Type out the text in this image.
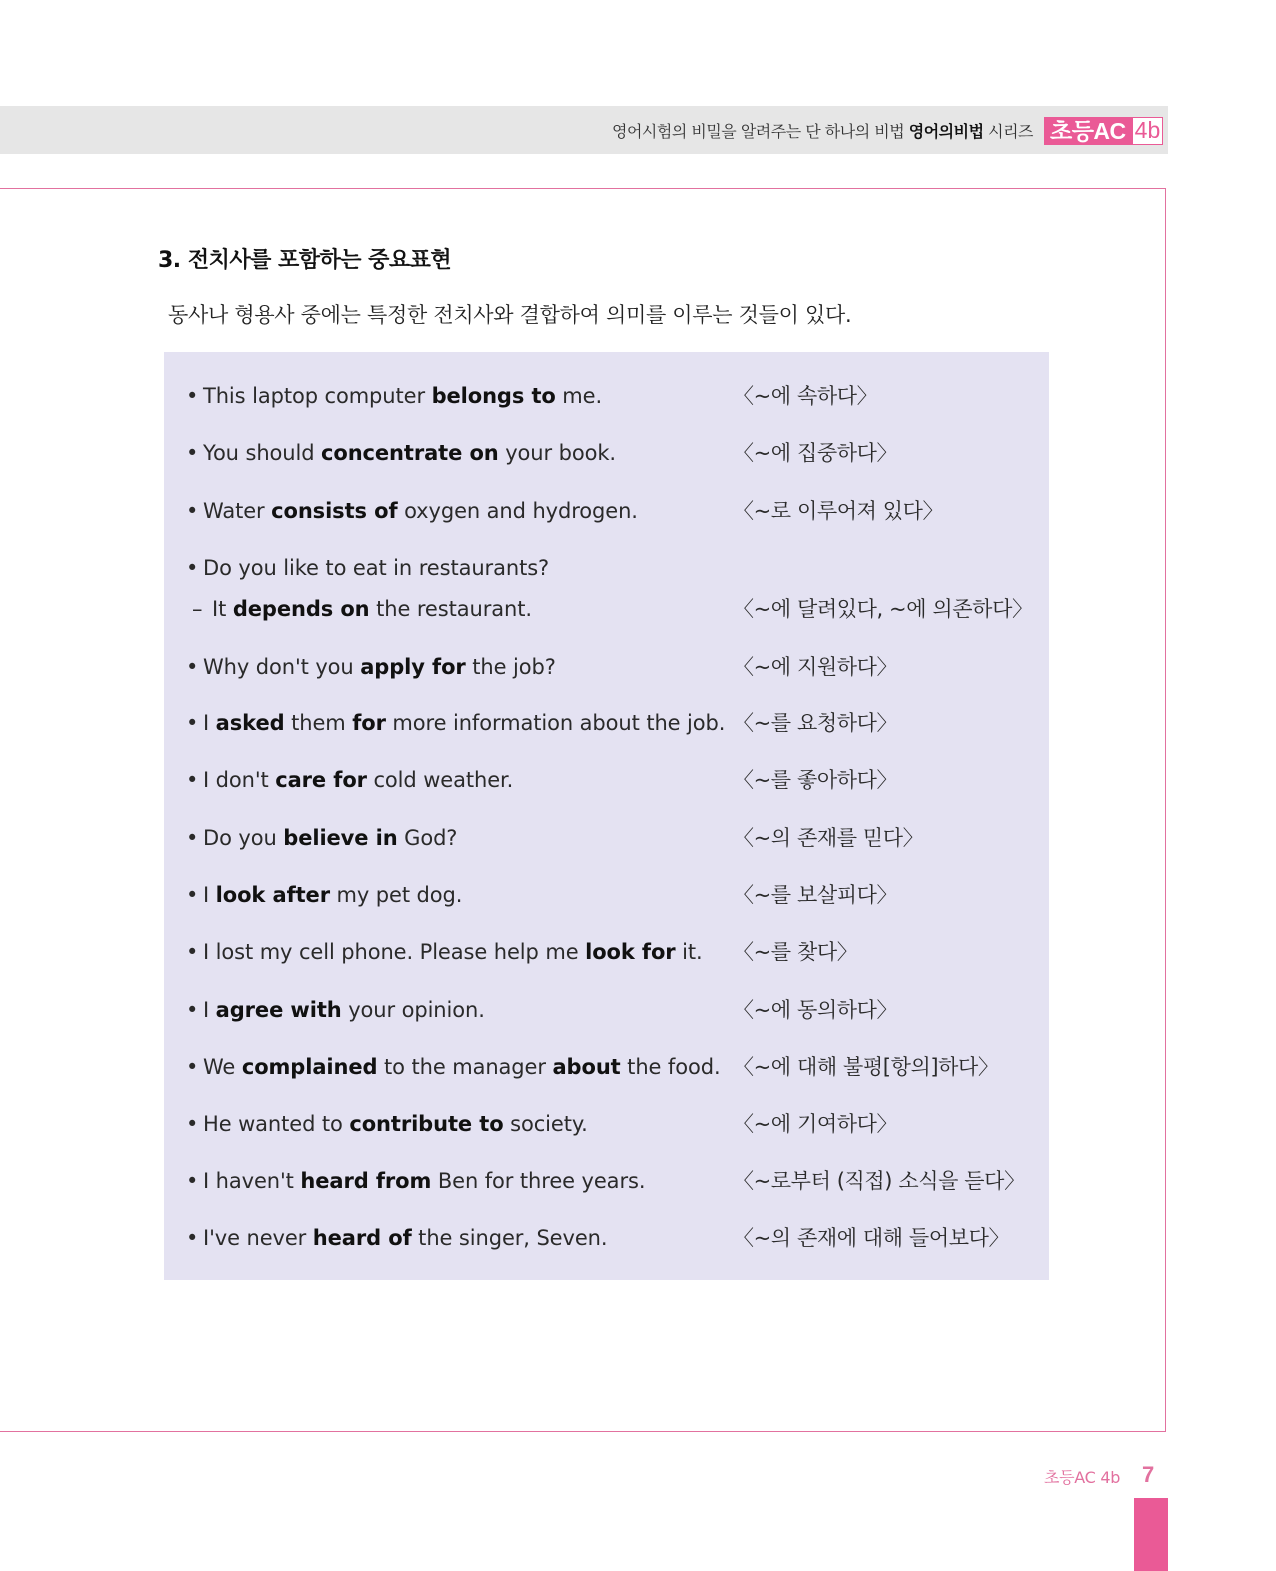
영어시험의 비밀을 알려주는 단 하나의 비법 영어의비법 시리즈 초등AC 4b
3. 전치사를 포함하는 중요표현
동사나 형용사 중에는 특정한 전치사와 결합하여 의미를 이루는 것들이 있다.
• This laptop computer belongs to me.	〈~에 속하다〉
• You should concentrate on your book.	〈~에 집중하다〉
• Water consists of oxygen and hydrogen.	〈~로 이루어져 있다〉
• Do you like to eat in restaurants?
– It depends on the restaurant.	〈~에 달려있다, ~에 의존하다〉
• Why don't you apply for the job?	〈~에 지원하다〉
• I asked them for more information about the job. 〈~를 요청하다〉
• I don't care for cold weather.	〈~를 좋아하다〉
• Do you believe in God?	〈~의 존재를 믿다〉
• I look after my pet dog.	〈~를 보살피다〉
• I lost my cell phone. Please help me look for it. 〈~를 찾다〉
• I agree with your opinion.	〈~에 동의하다〉
• We complained to the manager about the food. 〈~에 대해 불평[항의]하다〉
• He wanted to contribute to society.	〈~에 기여하다〉
• I haven't heard from Ben for three years.	〈~로부터 (직접) 소식을 듣다〉
• I've never heard of the singer, Seven.	〈~의 존재에 대해 들어보다〉
초등AC 4b 7
